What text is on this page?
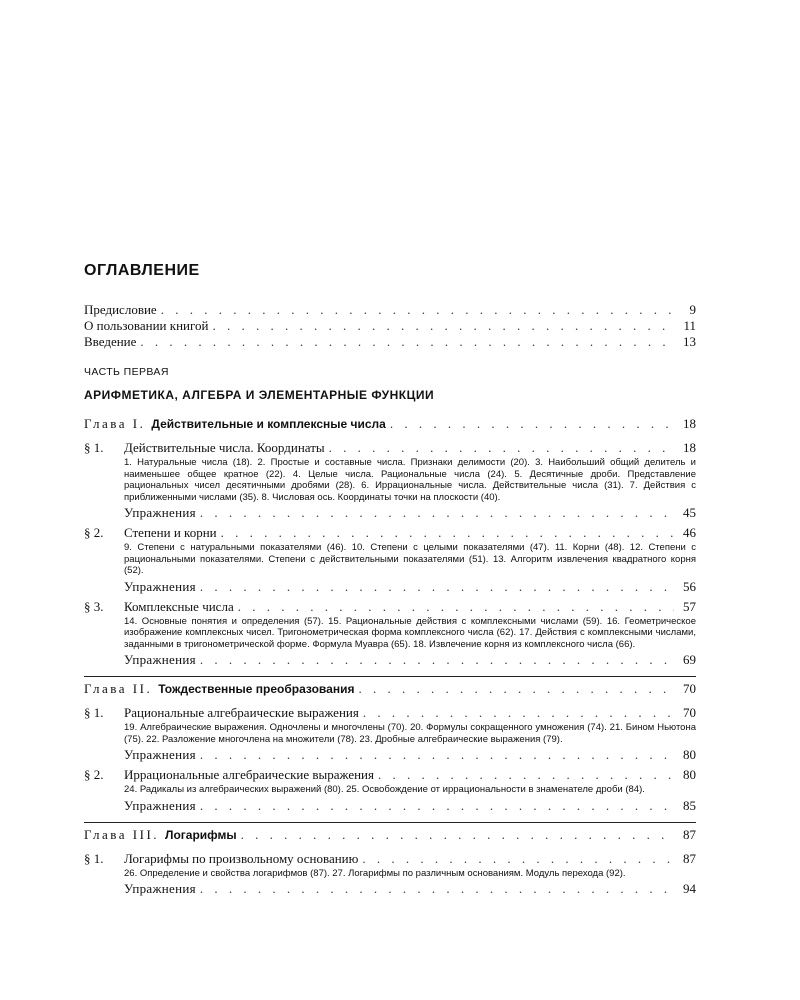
ОГЛАВЛЕНИЕ
Предисловие . . .	9
О пользовании книгой . . .	11
Введение . . .	13
ЧАСТЬ ПЕРВАЯ
АРИФМЕТИКА, АЛГЕБРА И ЭЛЕМЕНТАРНЫЕ ФУНКЦИИ
Глава I. Действительные и комплексные числа . . .	18
§ 1.	Действительные числа. Координаты . . .	18
1. Натуральные числа (18). 2. Простые и составные числа. Признаки делимости (20). 3. Наибольший общий делитель и наименьшее общее кратное (22). 4. Целые числа. Рациональные числа (24). 5. Десятичные дроби. Представление рациональных чисел десятичными дробями (28). 6. Иррациональные числа. Действительные числа (31). 7. Действия с приближенными числами (35). 8. Числовая ось. Координаты точки на плоскости (40).
Упражнения . . .	45
§ 2.	Степени и корни . . .	46
9. Степени с натуральными показателями (46). 10. Степени с целыми показателями (47). 11. Корни (48). 12. Степени с рациональными показателями. Степени с действительными показателями (51). 13. Алгоритм извлечения квадратного корня (52).
Упражнения . . .	56
§ 3.	Комплексные числа . . .	57
14. Основные понятия и определения (57). 15. Рациональные действия с комплексными числами (59). 16. Геометрическое изображение комплексных чисел. Тригонометрическая форма комплексного числа (62). 17. Действия с комплексными числами, заданными в тригонометрической форме. Формула Муавра (65). 18. Извлечение корня из комплексного числа (66).
Упражнения . . .	69
Глава II. Тождественные преобразования . . .	70
§ 1.	Рациональные алгебраические выражения . . .	70
19. Алгебраические выражения. Одночлены и многочлены (70). 20. Формулы сокращенного умножения (74). 21. Бином Ньютона (75). 22. Разложение многочлена на множители (78). 23. Дробные алгебраические выражения (79).
Упражнения . . .	80
§ 2.	Иррациональные алгебраические выражения . . .	80
24. Радикалы из алгебраических выражений (80). 25. Освобождение от иррациональности в знаменателе дроби (84).
Упражнения . . .	85
Глава III. Логарифмы . . .	87
§ 1.	Логарифмы по произвольному основанию . . .	87
26. Определение и свойства логарифмов (87). 27. Логарифмы по различным основаниям. Модуль перехода (92).
Упражнения . . .	94
